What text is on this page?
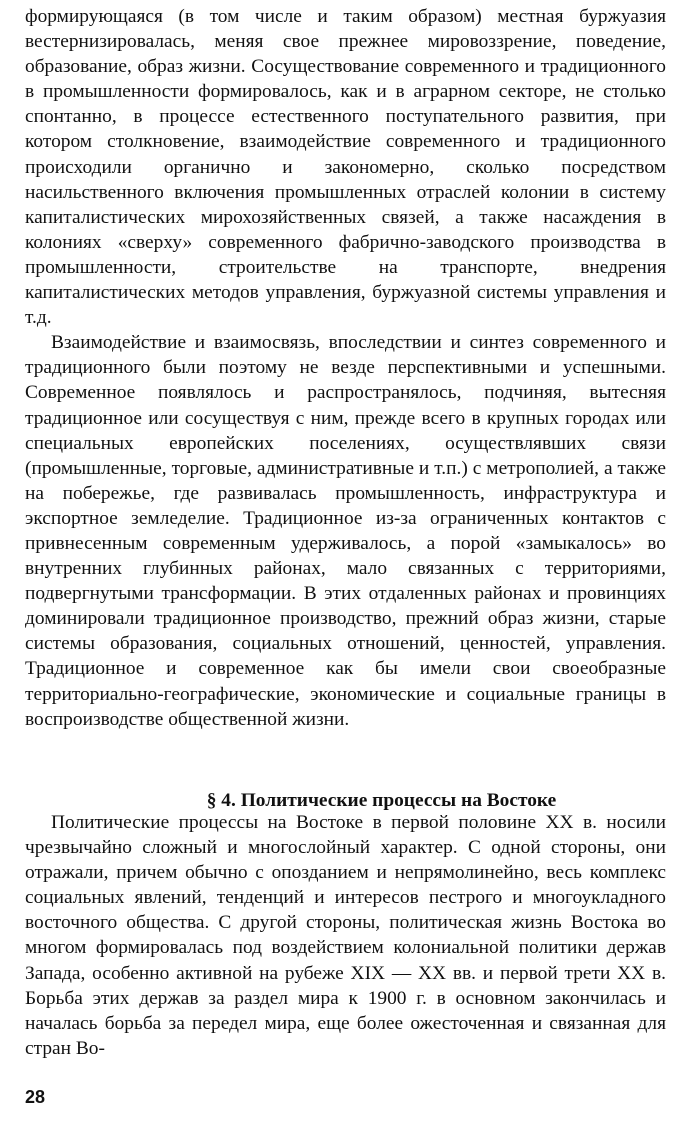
формирующаяся (в том числе и таким образом) местная буржуазия вестернизировалась, меняя свое прежнее мировоззрение, поведение, образование, образ жизни. Сосуществование современного и традиционного в промышленности формировалось, как и в аграрном секторе, не столько спонтанно, в процессе естественного поступательного развития, при котором столкновение, взаимодействие современного и традиционного происходили органично и закономерно, сколько посредством насильственного включения промышленных отраслей колонии в систему капиталистических мирохозяйственных связей, а также насаждения в колониях «сверху» современного фабрично-заводского производства в промышленности, строительстве на транспорте, внедрения капиталистических методов управления, буржуазной системы управления и т.д.

Взаимодействие и взаимосвязь, впоследствии и синтез современного и традиционного были поэтому не везде перспективными и успешными. Современное появлялось и распространялось, подчиняя, вытесняя традиционное или сосуществуя с ним, прежде всего в крупных городах или специальных европейских поселениях, осуществлявших связи (промышленные, торговые, административные и т.п.) с метрополией, а также на побережье, где развивалась промышленность, инфраструктура и экспортное земледелие. Традиционное из-за ограниченных контактов с привнесенным современным удерживалось, а порой «замыкалось» во внутренних глубинных районах, мало связанных с территориями, подвергнутыми трансформации. В этих отдаленных районах и провинциях доминировали традиционное производство, прежний образ жизни, старые системы образования, социальных отношений, ценностей, управления. Традиционное и современное как бы имели свои своеобразные территориально-географические, экономические и социальные границы в воспроизводстве общественной жизни.

§ 4. Политические процессы на Востоке

Политические процессы на Востоке в первой половине XX в. носили чрезвычайно сложный и многослойный характер. С одной стороны, они отражали, причем обычно с опозданием и непрямолинейно, весь комплекс социальных явлений, тенденций и интересов пестрого и многоукладного восточного общества. С другой стороны, политическая жизнь Востока во многом формировалась под воздействием колониальной политики держав Запада, особенно активной на рубеже XIX — XX вв. и первой трети XX в. Борьба этих держав за раздел мира к 1900 г. в основном закончилась и началась борьба за передел мира, еще более ожесточенная и связанная для стран Во-

28
